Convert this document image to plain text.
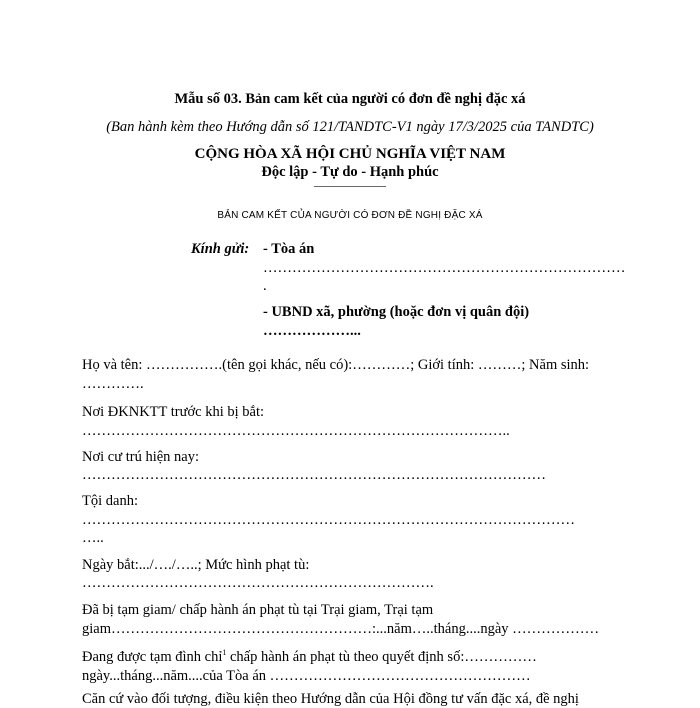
Mẫu số 03. Bản cam kết của người có đơn đề nghị đặc xá
(Ban hành kèm theo Hướng dẫn số 121/TANDTC-V1 ngày 17/3/2025 của TANDTC)
CỘNG HÒA XÃ HỘI CHỦ NGHĨA VIỆT NAM
Độc lập - Tự do - Hạnh phúc
——————
BẢN CAM KẾT CỦA NGƯỜI CÓ ĐƠN ĐỀ NGHỊ ĐẶC XÁ
Kính gửi: - Tòa án
…………………………………………………………………
.
- UBND xã, phường (hoặc đơn vị quân đội)
………………...
Họ và tên: …………….(tên gọi khác, nếu có):…………; Giới tính: ………; Năm sinh:
………….
Nơi ĐKNKTT trước khi bị bắt:
……………………………………………………………………………..
Nơi cư trú hiện nay:
……………………………………………………………………………………
Tội danh:
…………………………………………………………………………………………
…..
Ngày bắt:.../…./…..; Mức hình phạt tù:
……………………………………………………………….
Đã bị tạm giam/ chấp hành án phạt tù tại Trại giam, Trại tạm
giam………………………………………………:...năm…..tháng....ngày ………………
Đang được tạm đình chỉ$^1$ chấp hành án phạt tù theo quyết định số:……………
ngày...tháng...năm....của Tòa án ………………………………………………
Căn cứ vào đối tượng, điều kiện theo Hướng dẫn của Hội đồng tư vấn đặc xá, đề nghị
